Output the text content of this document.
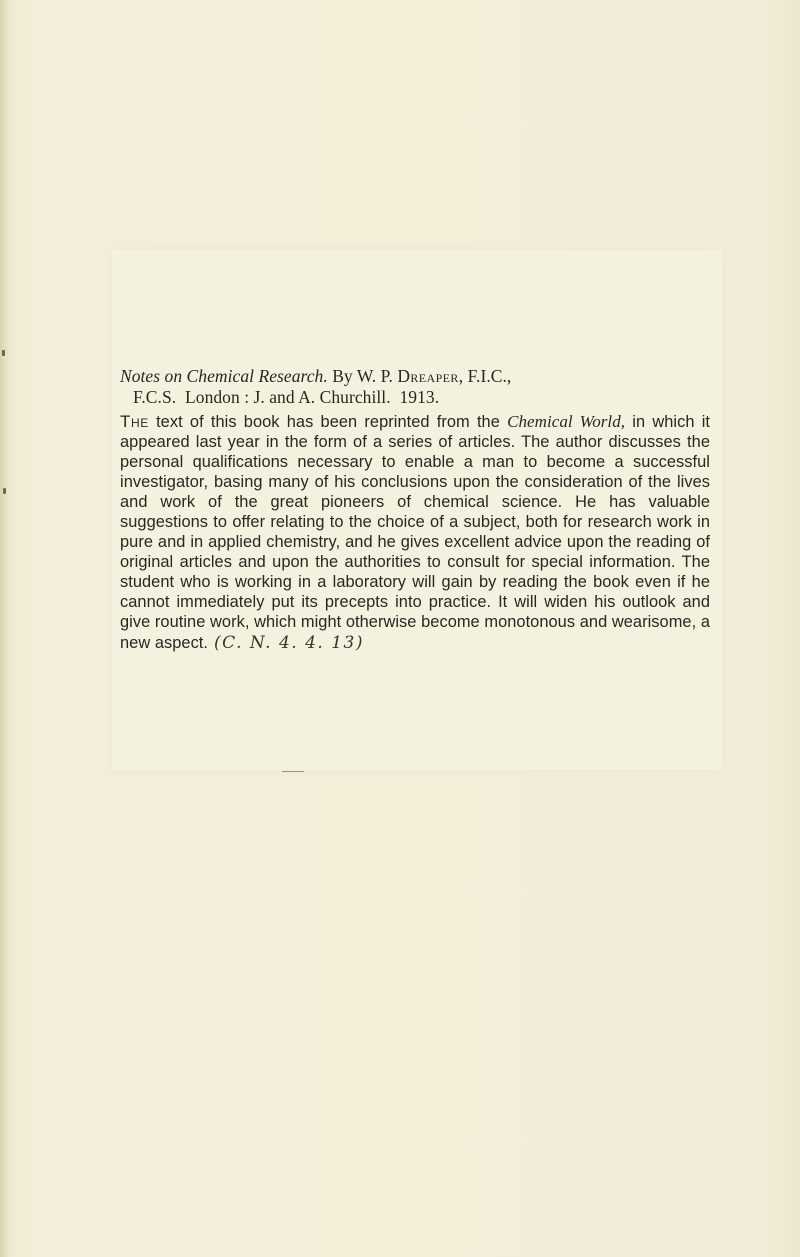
Notes on Chemical Research. By W. P. Dreaper, F.I.C.,
F.C.S. London : J. and A. Churchill. 1913.

The text of this book has been reprinted from the Chemical World, in which it appeared last year in the form of a series of articles. The author discusses the personal qualifications necessary to enable a man to become a successful investigator, basing many of his conclusions upon the consideration of the lives and work of the great pioneers of chemical science. He has valuable suggestions to offer relating to the choice of a subject, both for research work in pure and in applied chemistry, and he gives excellent advice upon the reading of original articles and upon the authorities to consult for special information. The student who is working in a laboratory will gain by reading the book even if he cannot immediately put its precepts into practice. It will widen his outlook and give routine work, which might otherwise become monotonous and wearisome, a new aspect. (C. N. 4. 4. 13)
